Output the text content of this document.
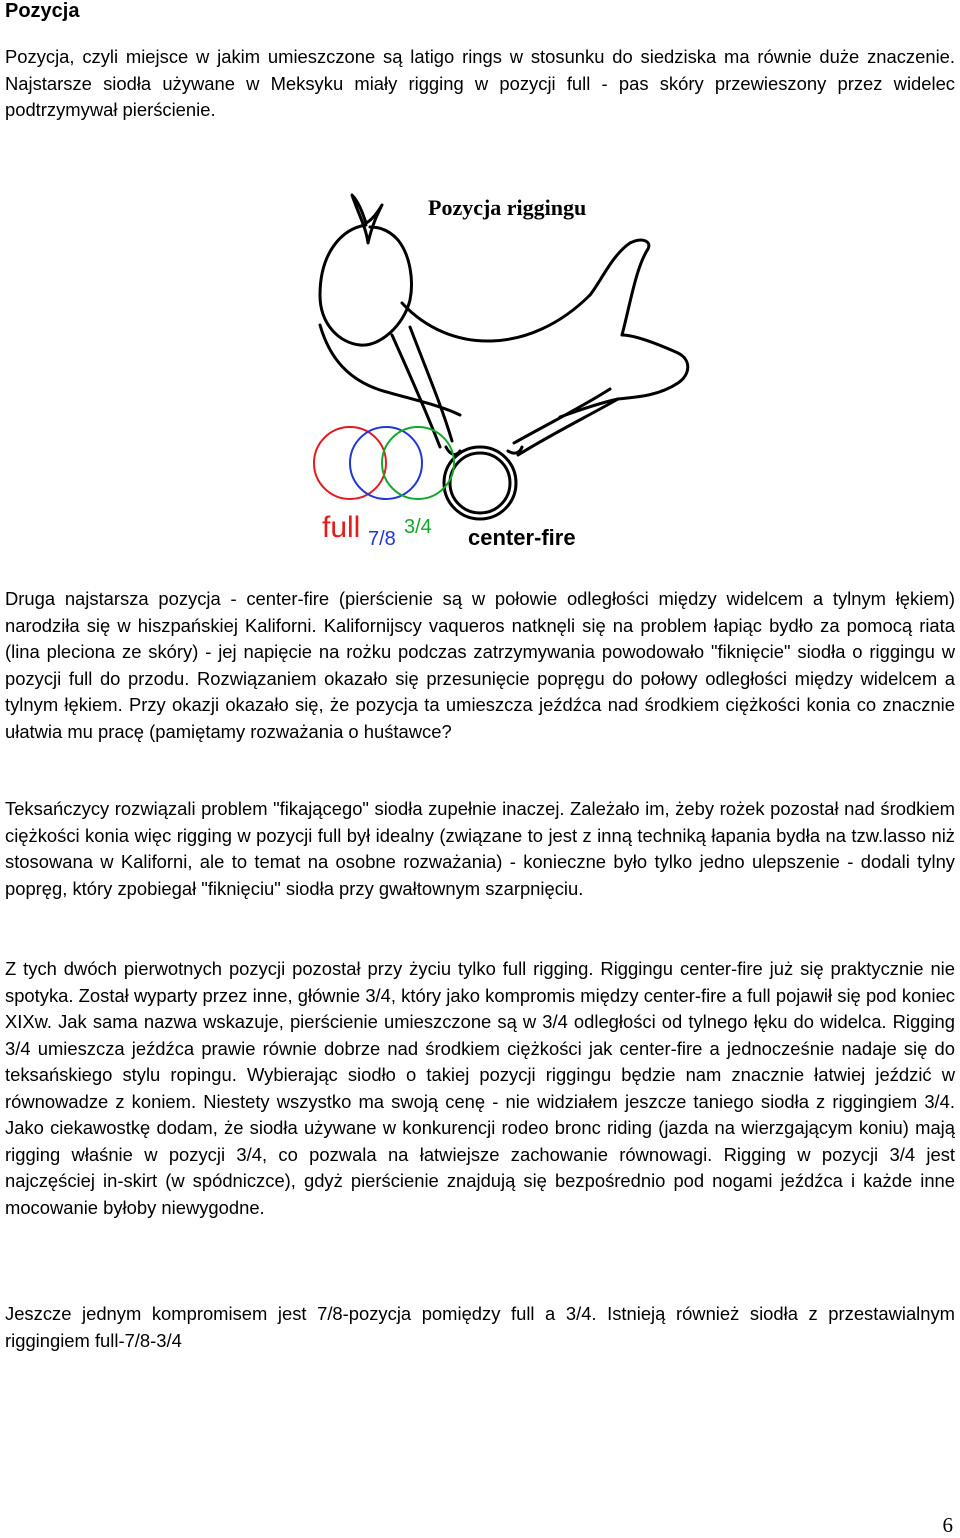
Pozycja

Pozycja, czyli miejsce w jakim umieszczone są latigo rings w stosunku do siedziska ma równie duże znaczenie. Najstarsze siodła używane w Meksyku miały rigging w pozycji full - pas skóry przewieszony przez widelec podtrzymywał pierścienie.

Pozycja riggingu
full 7/8
3/4 center-fire

Druga najstarsza pozycja - center-fire (pierścienie są w połowie odległości między widelcem a tylnym łękiem) narodziła się w hiszpańskiej Kaliforni. Kalifornijscy vaqueros natknęli się na problem łapiąc bydło za pomocą riata (lina pleciona ze skóry) - jej napięcie na rożku podczas zatrzymywania powodowało "fiknięcie" siodła o riggingu w pozycji full do przodu. Rozwiązaniem okazało się przesunięcie popręgu do połowy odległości między widelcem a tylnym łękiem. Przy okazji okazało się, że pozycja ta umieszcza jeźdźca nad środkiem ciężkości konia co znacznie ułatwia mu pracę (pamiętamy rozważania o huśtawce?

Teksańczycy rozwiązali problem "fikającego" siodła zupełnie inaczej. Zależało im, żeby rożek pozostał nad środkiem ciężkości konia więc rigging w pozycji full był idealny (związane to jest z inną techniką łapania bydła na tzw.lasso niż stosowana w Kaliforni, ale to temat na osobne rozważania) - konieczne było tylko jedno ulepszenie - dodali tylny popręg, który zpobiegał "fiknięciu" siodła przy gwałtownym szarpnięciu.

Z tych dwóch pierwotnych pozycji pozostał przy życiu tylko full rigging. Riggingu center-fire już się praktycznie nie spotyka. Został wyparty przez inne, głównie 3/4, który jako kompromis między center-fire a full pojawił się pod koniec XIXw. Jak sama nazwa wskazuje, pierścienie umieszczone są w 3/4 odległości od tylnego łęku do widelca. Rigging 3/4 umieszcza jeźdźca prawie równie dobrze nad środkiem ciężkości jak center-fire a jednocześnie nadaje się do teksańskiego stylu ropingu. Wybierając siodło o takiej pozycji riggingu będzie nam znacznie łatwiej jeździć w równowadze z koniem. Niestety wszystko ma swoją cenę - nie widziałem jeszcze taniego siodła z riggingiem 3/4. Jako ciekawostkę dodam, że siodła używane w konkurencji rodeo bronc riding (jazda na wierzgającym koniu) mają rigging właśnie w pozycji 3/4, co pozwala na łatwiejsze zachowanie równowagi. Rigging w pozycji 3/4 jest najczęściej in-skirt (w spódniczce), gdyż pierścienie znajdują się bezpośrednio pod nogami jeźdźca i każde inne mocowanie byłoby niewygodne.

Jeszcze jednym kompromisem jest 7/8-pozycja pomiędzy full a 3/4. Istnieją również siodła z przestawialnym riggingiem full-7/8-3/4

6
